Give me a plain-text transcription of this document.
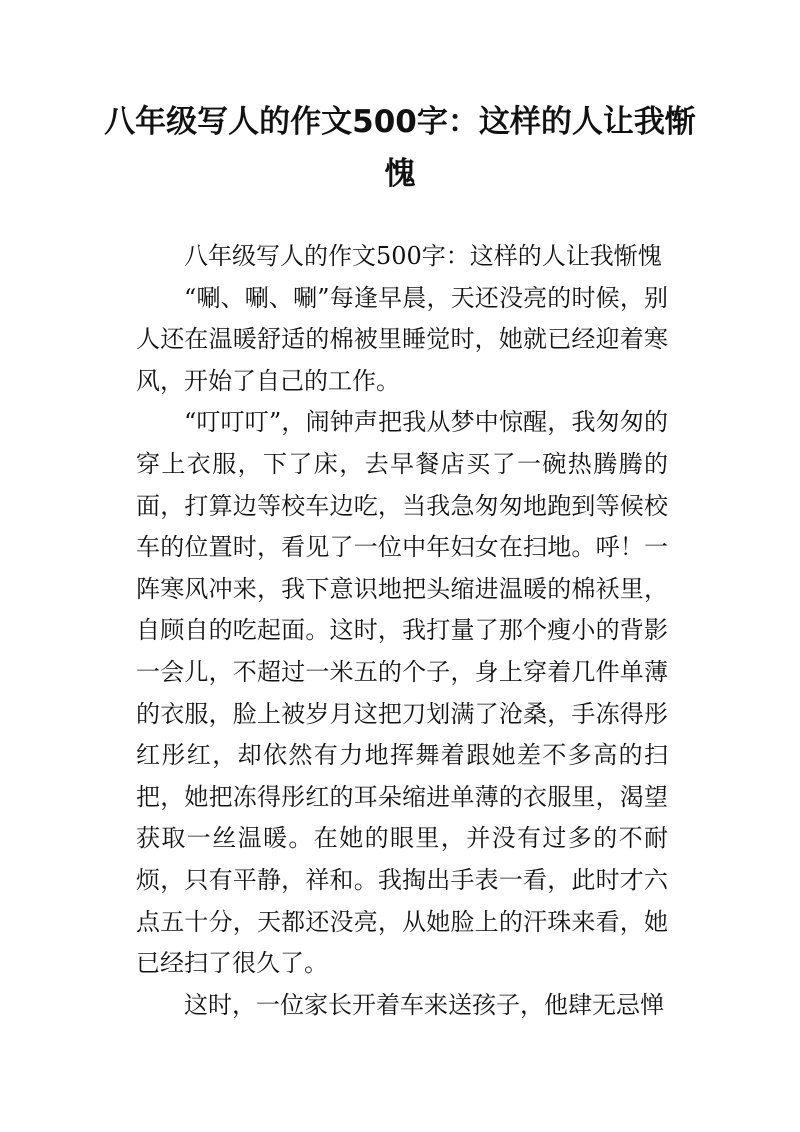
八年级写人的作文500字：这样的人让我惭愧

八年级写人的作文500字：这样的人让我惭愧

“唰、唰、唰”每逢早晨，天还没亮的时候，别人还在温暖舒适的棉被里睡觉时，她就已经迎着寒风，开始了自己的工作。

“叮叮叮”，闹钟声把我从梦中惊醒，我匆匆的穿上衣服，下了床，去早餐店买了一碗热腾腾的面，打算边等校车边吃，当我急匆匆地跑到等候校车的位置时，看见了一位中年妇女在扫地。呼！一阵寒风冲来，我下意识地把头缩进温暖的棉袄里，自顾自的吃起面。这时，我打量了那个瘦小的背影一会儿，不超过一米五的个子，身上穿着几件单薄的衣服，脸上被岁月这把刀划满了沧桑，手冻得彤红彤红，却依然有力地挥舞着跟她差不多高的扫把，她把冻得彤红的耳朵缩进单薄的衣服里，渴望获取一丝温暖。在她的眼里，并没有过多的不耐烦，只有平静，祥和。我掏出手表一看，此时才六点五十分，天都还没亮，从她脸上的汗珠来看，她已经扫了很久了。

这时，一位家长开着车来送孩子，他肆无忌惮
